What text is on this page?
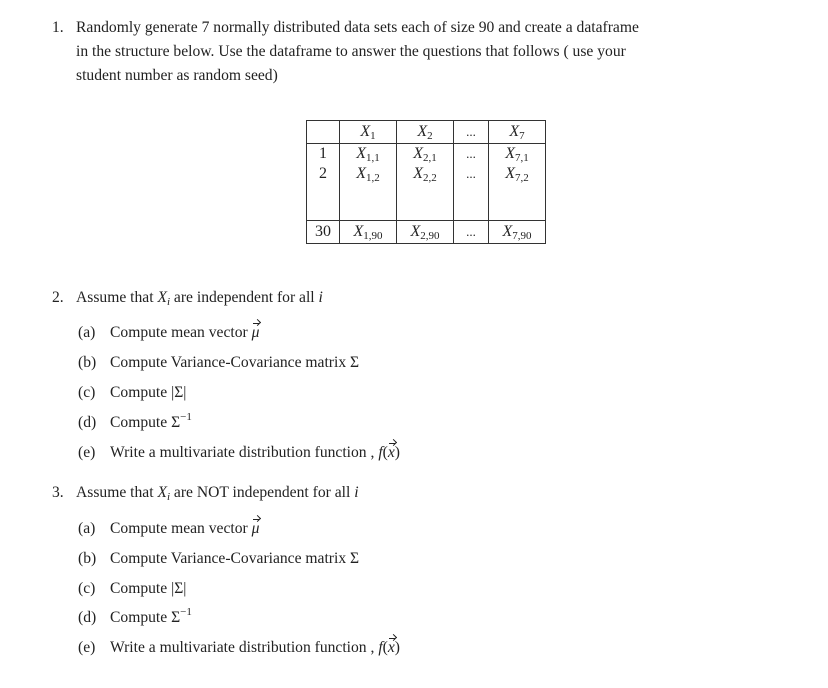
1. Randomly generate 7 normally distributed data sets each of size 90 and create a dataframe
in the structure below. Use the dataframe to answer the questions that follows ( use your
student number as random seed)
	$X_1$	$X_2$	...	$X_7$
1	$X_{1,1}$	$X_{2,1}$	...	$X_{7,1}$
2	$X_{1,2}$	$X_{2,2}$	...	$X_{7,2}$

30	$X_{1,90}$	$X_{2,90}$	...	$X_{7,90}$
2. Assume that $X_i$ are independent for all i
(a) Compute mean vector μ
(b) Compute Variance-Covariance matrix Σ
(c) Compute |Σ|
(d) Compute $\Sigma^{-1}$
(e) Write a multivariate distribution function , f(x)
3. Assume that $X_i$ are NOT independent for all i
(a) Compute mean vector μ
(b) Compute Variance-Covariance matrix Σ
(c) Compute |Σ|
(d) Compute $\Sigma^{-1}$
(e) Write a multivariate distribution function , f(x)
